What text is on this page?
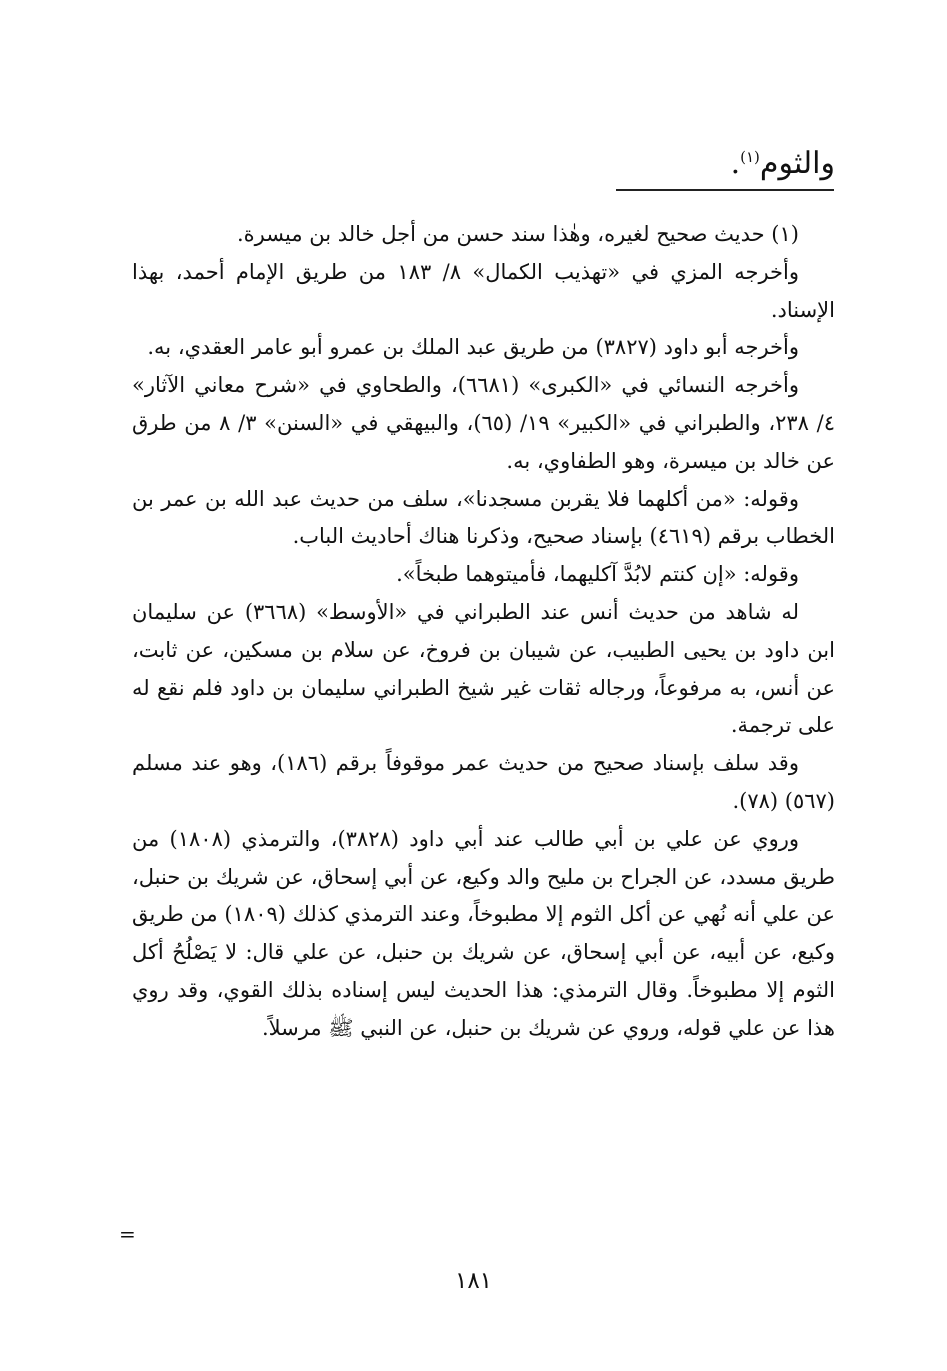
والثوم$^{(١)}$.

(١) حديث صحيح لغيره، وهٰذا سند حسن من أجل خالد بن ميسرة.

وأخرجه المزي في «تهذيب الكمال» ٨/ ١٨٣ من طريق الإمام أحمد، بهذا الإسناد.

وأخرجه أبو داود (٣٨٢٧) من طريق عبد الملك بن عمرو أبو عامر العقدي، به.

وأخرجه النسائي في «الكبرى» (٦٦٨١)، والطحاوي في «شرح معاني الآثار» ٤/ ٢٣٨، والطبراني في «الكبير» ١٩/ (٦٥)، والبيهقي في «السنن» ٣/ ٨ من طرق عن خالد بن ميسرة، وهو الطفاوي، به.

وقوله: «من أكلهما فلا يقربن مسجدنا»، سلف من حديث عبد الله بن عمر بن الخطاب برقم (٤٦١٩) بإسناد صحيح، وذكرنا هناك أحاديث الباب.

وقوله: «إن كنتم لابُدَّ آكليهما، فأميتوهما طبخاً».

له شاهد من حديث أنس عند الطبراني في «الأوسط» (٣٦٦٨) عن سليمان ابن داود بن يحيى الطبيب، عن شيبان بن فروخ، عن سلام بن مسكين، عن ثابت، عن أنس، به مرفوعاً، ورجاله ثقات غير شيخ الطبراني سليمان بن داود فلم نقع له على ترجمة.

وقد سلف بإسناد صحيح من حديث عمر موقوفاً برقم (١٨٦)، وهو عند مسلم (٥٦٧) (٧٨).

وروي عن علي بن أبي طالب عند أبي داود (٣٨٢٨)، والترمذي (١٨٠٨) من طريق مسدد، عن الجراح بن مليح والد وكيع، عن أبي إسحاق، عن شريك بن حنبل، عن علي أنه نُهي عن أكل الثوم إلا مطبوخاً، وعند الترمذي كذلك (١٨٠٩) من طريق وكيع، عن أبيه، عن أبي إسحاق، عن شريك بن حنبل، عن علي قال: لا يَصْلُحُ أكل الثوم إلا مطبوخاً. وقال الترمذي: هذا الحديث ليس إسناده بذلك القوي، وقد روي هذا عن علي قوله، وروي عن شريك بن حنبل، عن النبي ﷺ مرسلاً.

=
١٨١
